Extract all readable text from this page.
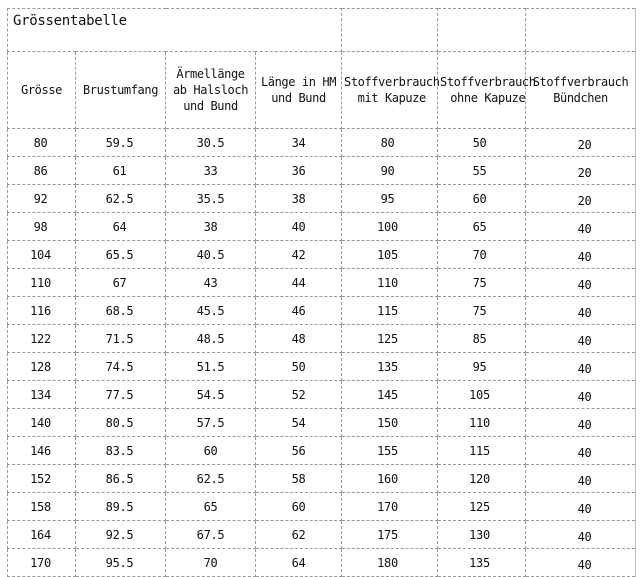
Grössentabelle						
Grösse	Brustumfang	Ärmellänge ab Halsloch und Bund	Länge in HM und Bund	Stoffverbrauch mit Kapuze	Stoffverbrauch ohne Kapuze	Stoffverbrauch Bündchen
80	59.5	30.5	34	80	50	20
86	61	33	36	90	55	20
92	62.5	35.5	38	95	60	20
98	64	38	40	100	65	40
104	65.5	40.5	42	105	70	40
110	67	43	44	110	75	40
116	68.5	45.5	46	115	75	40
122	71.5	48.5	48	125	85	40
128	74.5	51.5	50	135	95	40
134	77.5	54.5	52	145	105	40
140	80.5	57.5	54	150	110	40
146	83.5	60	56	155	115	40
152	86.5	62.5	58	160	120	40
158	89.5	65	60	170	125	40
164	92.5	67.5	62	175	130	40
170	95.5	70	64	180	135	40
